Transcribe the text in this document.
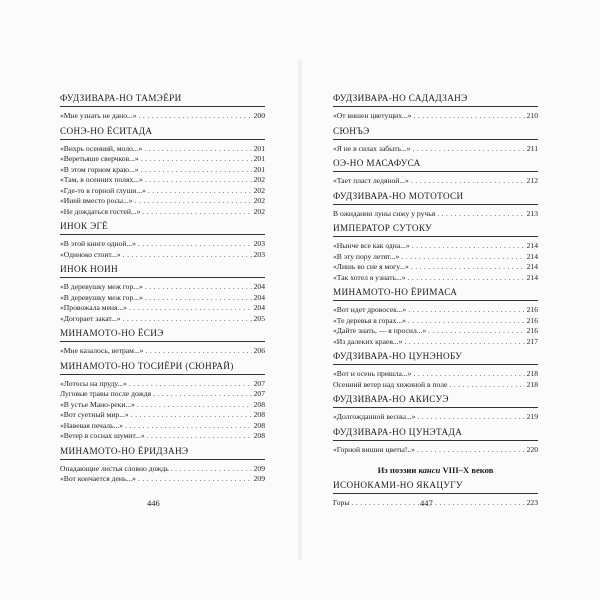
ФУДЗИВАРА-НО ТАМЭЁРИ
«Мне узнать не дано...» . . .	200
СОНЭ-НО ЁСИТАДА
«Вихрь осенний, моло...» . . .	201
«Веретьяше сверчков...» . . .	201
«В этом горном краю...» . . .	201
«Там, в осенних полях...» . . .	202
«Где-то в горной глуши...» . . .	202
«Иней вместо росы...» . . .	202
«Не дождаться гостей...» . . .	202
ИНОК ЭГЁ
«В этой книге одной...» . . .	203
«Одиноко стоит...» . . .	203
ИНОК НОИН
«В деревушку меж гор...» . . .	204
«В деревушку меж гор...» . . .	204
«Провожала меня...» . . .	204
«Догорает закат...» . . .	205
МИНАМОТО-НО ЁСИЭ
«Мне казалось, ветрам...» . . .	206
МИНАМОТО-НО ТОСИЁРИ (СЮНРАЙ)
«Лотосы на пруду...» . . .	207
Луговые травы после дождя . . .	207
«В устье Мано-реки...» . . .	208
«Вот суетный мир...» . . .	208
«Навевая печаль...» . . .	208
«Ветер в соснах шумит...» . . .	208
МИНАМОТО-НО ЁРИДЗАНЭ
Опадающие листья словно дождь . . .	209
«Вот кончается день...» . . .	209
ФУДЗИВАРА-НО САДАДЗАНЭ
«От вишен цветущих...» . . .	210
СЮНЪЭ
«Я не в силах забыть...» . . .	211
ОЭ-НО МАСАФУСА
«Тает пласт ледяной...» . . .	212
ФУДЗИВАРА-НО МОТОТОСИ
В ожидании луны сижу у ручья . . .	213
ИМПЕРАТОР СУТОКУ
«Нынче все как одна...» . . .	214
«В эту пору летят...» . . .	214
«Лишь во сне я могу...» . . .	214
«Так хотел я узнать...» . . .	214
МИНАМОТО-НО ЁРИМАСА
«Вот идет дровосек...» . . .	216
«Те деревья в горах...» . . .	216
«Дайте знать, — я просил...» . . .	216
«Из далеких краев...» . . .	217
ФУДЗИВАРА-НО ЦУНЭНОБУ
«Вот и осень пришла...» . . .	218
Осенний ветер над хижиной в поле . . .	218
ФУДЗИВАРА-НО АКИСУЭ
«Долгожданной весны...» . . .	219
ФУДЗИВАРА-НО ЦУНЭТАДА
«Горной вишни цветы!..» . . .	220
Из поэзии канси VIII–X веков
ИСОНОКАМИ-НО ЯКАЦУГУ
Горы . . .	223
446	447
